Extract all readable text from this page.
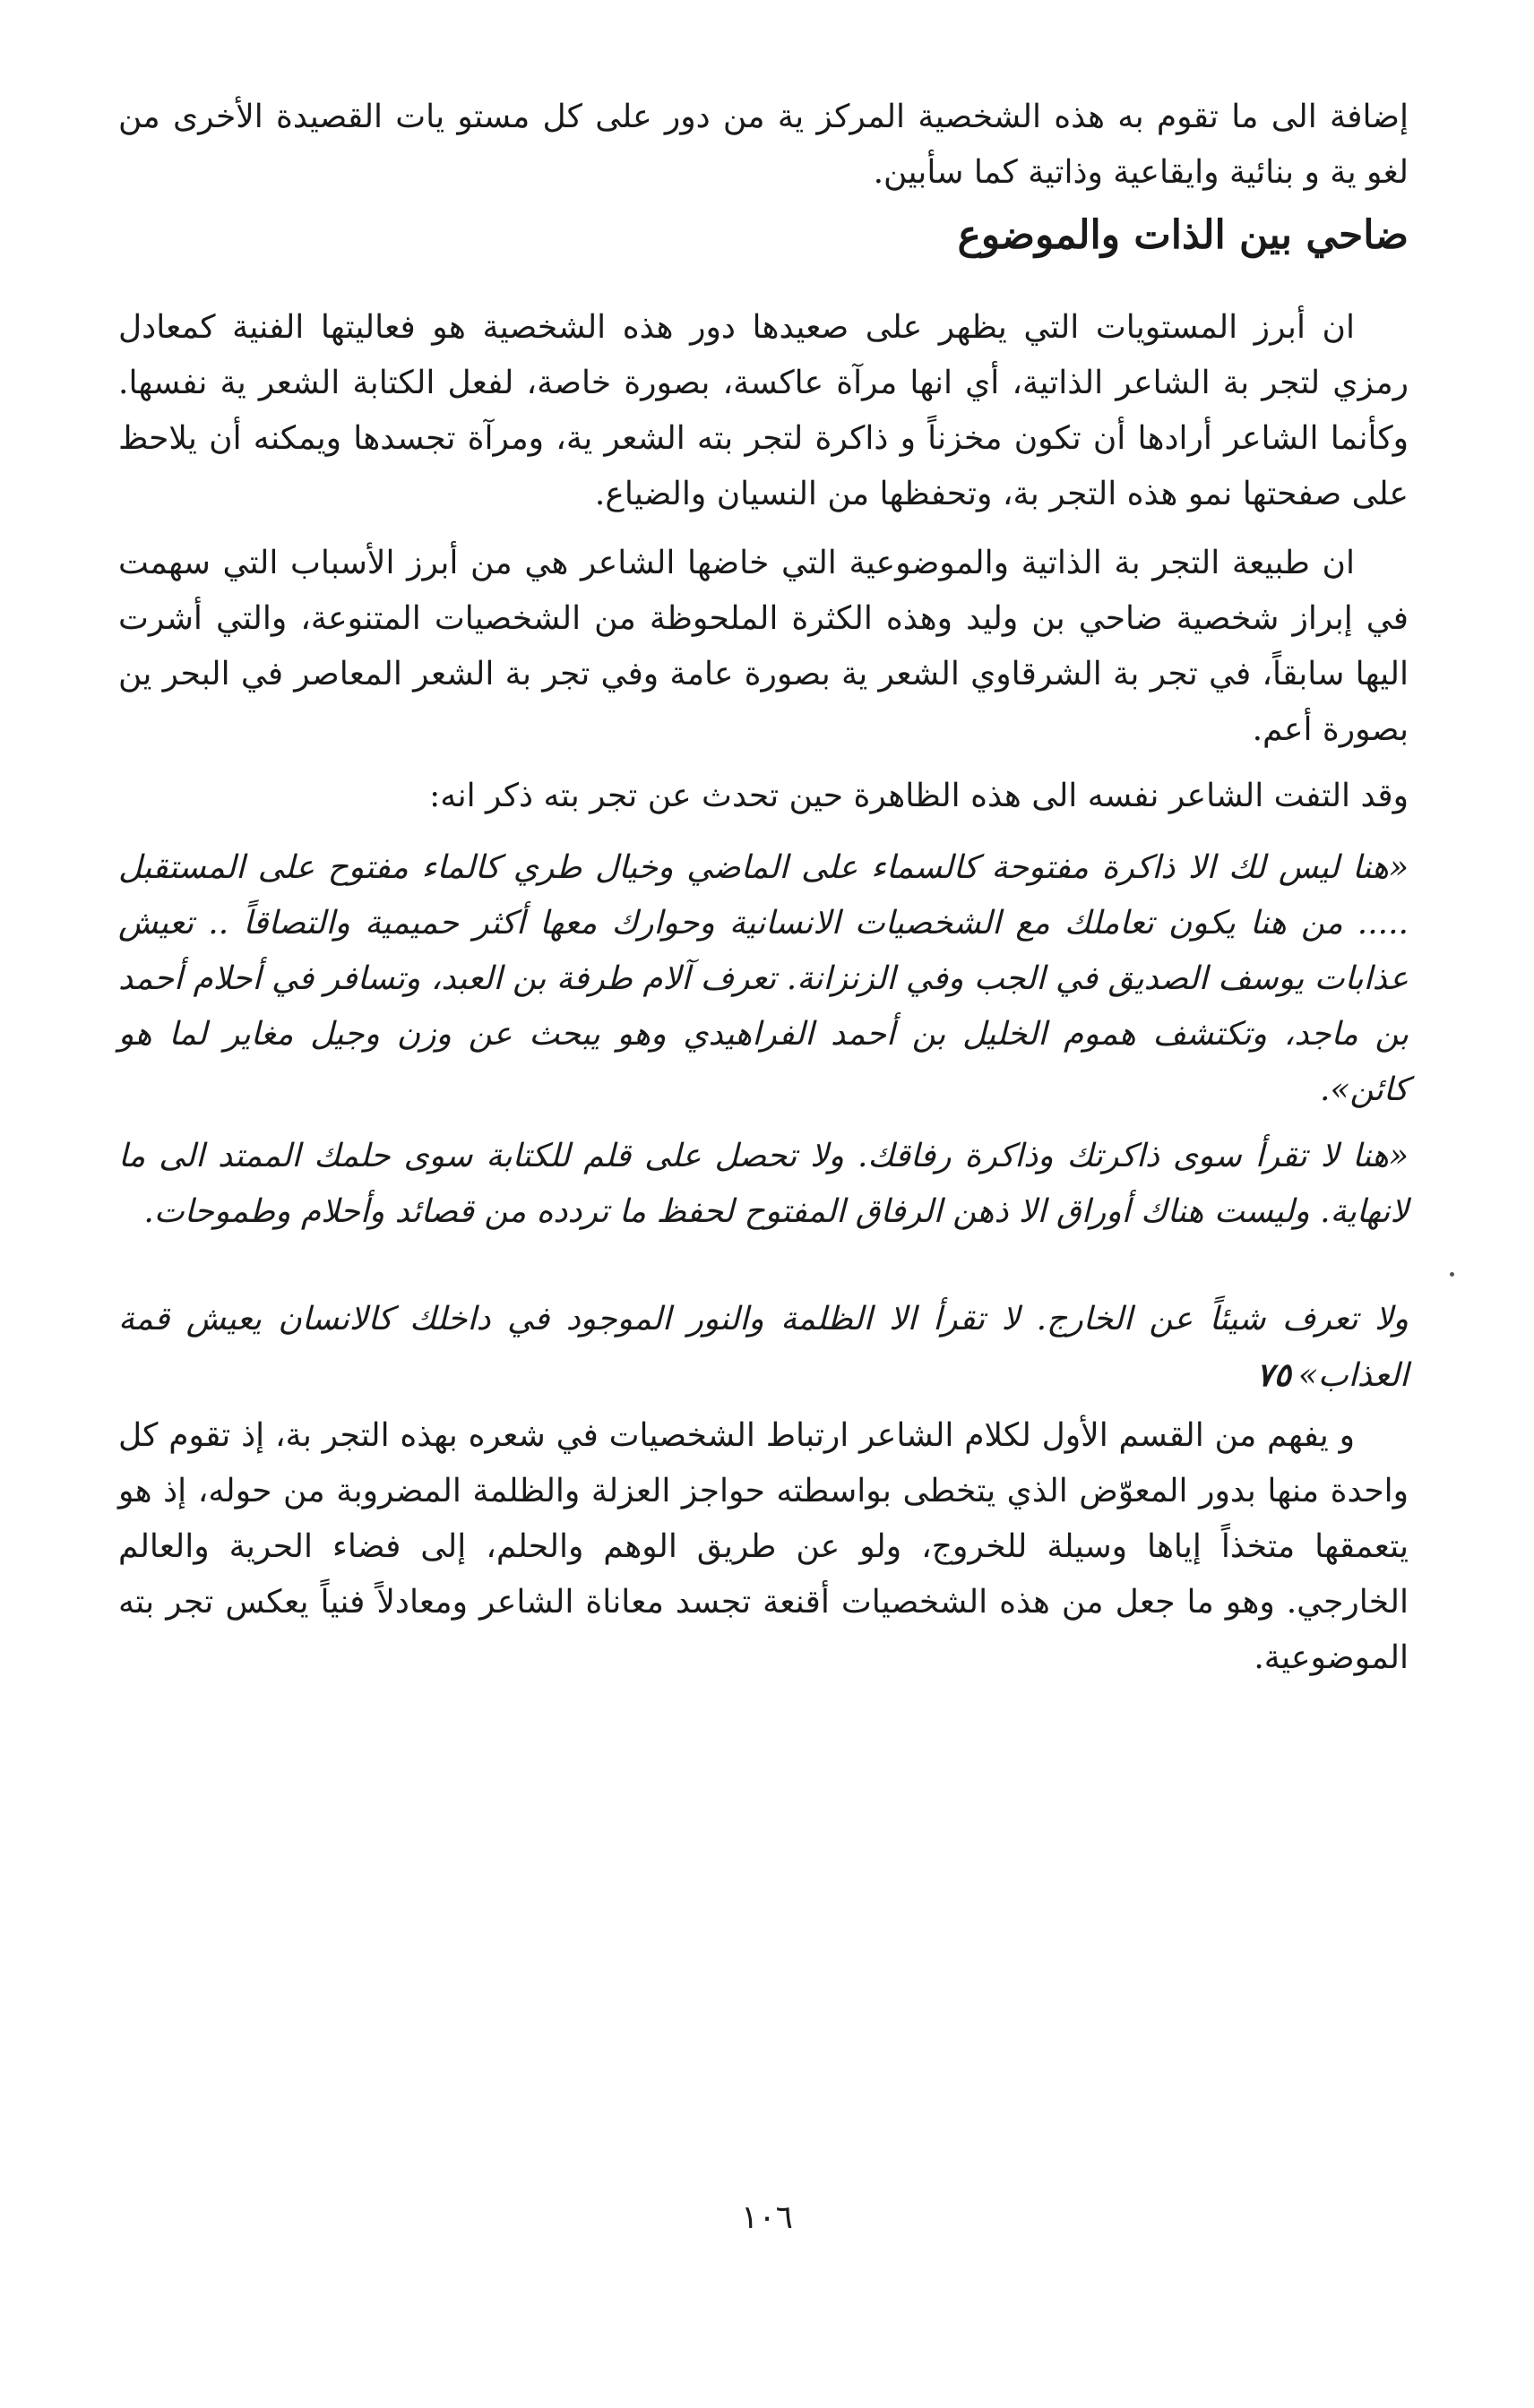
إضافة الى ما تقوم به هذه الشخصية المركز ية من دور على كل مستو يات القصيدة الأخرى من لغو ية و بنائية وايقاعية وذاتية كما سأبين.

ضاحي بين الذات والموضوع

ان أبرز المستويات التي يظهر على صعيدها دور هذه الشخصية هو فعاليتها الفنية كمعادل رمزي لتجر بة الشاعر الذاتية، أي انها مرآة عاكسة، بصورة خاصة، لفعل الكتابة الشعر ية نفسها. وكأنما الشاعر أرادها أن تكون مخزناً و ذاكرة لتجر بته الشعر ية، ومرآة تجسدها ويمكنه أن يلاحظ على صفحتها نمو هذه التجر بة، وتحفظها من النسيان والضياع.

ان طبيعة التجر بة الذاتية والموضوعية التي خاضها الشاعر هي من أبرز الأسباب التي سهمت في إبراز شخصية ضاحي بن وليد وهذه الكثرة الملحوظة من الشخصيات المتنوعة، والتي أشرت اليها سابقاً، في تجر بة الشرقاوي الشعر ية بصورة عامة وفي تجر بة الشعر المعاصر في البحر ين بصورة أعم.

وقد التفت الشاعر نفسه الى هذه الظاهرة حين تحدث عن تجر بته ذكر انه:

«هنا ليس لك الا ذاكرة مفتوحة كالسماء على الماضي وخيال طري كالماء مفتوح على المستقبل ..... من هنا يكون تعاملك مع الشخصيات الانسانية وحوارك معها أكثر حميمية والتصاقاً .. تعيش عذابات يوسف الصديق في الجب وفي الزنزانة. تعرف آلام طرفة بن العبد، وتسافر في أحلام أحمد بن ماجد، وتكتشف هموم الخليل بن أحمد الفراهيدي وهو يبحث عن وزن وجيل مغاير لما هو كائن».

«هنا لا تقرأ سوى ذاكرتك وذاكرة رفاقك. ولا تحصل على قلم للكتابة سوى حلمك الممتد الى ما لانهاية. وليست هناك أوراق الا ذهن الرفاق المفتوح لحفظ ما تردده من قصائد وأحلام وطموحات.

ولا تعرف شيئاً عن الخارج. لا تقرأ الا الظلمة والنور الموجود في داخلك كالانسان يعيش قمة العذاب»٧٥

و يفهم من القسم الأول لكلام الشاعر ارتباط الشخصيات في شعره بهذه التجر بة، إذ تقوم كل واحدة منها بدور المعوّض الذي يتخطى بواسطته حواجز العزلة والظلمة المضروبة من حوله، إذ هو يتعمقها متخذاً إياها وسيلة للخروج، ولو عن طريق الوهم والحلم، إلى فضاء الحرية والعالم الخارجي. وهو ما جعل من هذه الشخصيات أقنعة تجسد معاناة الشاعر ومعادلاً فنياً يعكس تجر بته الموضوعية.

١٠٦
